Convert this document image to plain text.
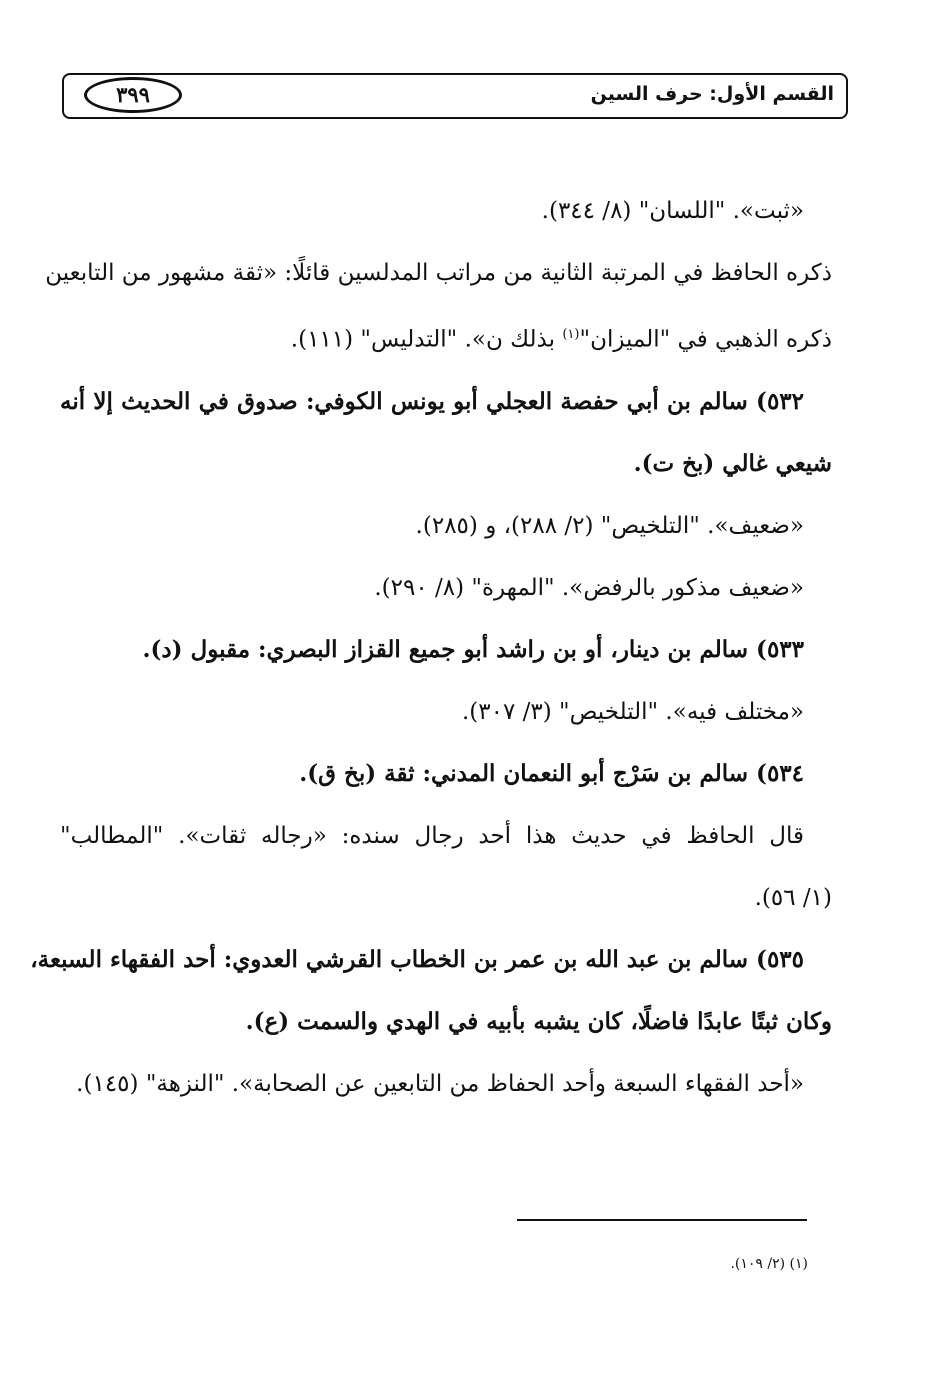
القسم الأول: حرف السين
٣٩٩

«ثبت». "اللسان" (٨/ ٣٤٤).

ذكره الحافظ في المرتبة الثانية من مراتب المدلسين قائلًا: «ثقة مشهور من التابعين

ذكره الذهبي في "الميزان"$^{(١)}$ بذلك ن». "التدليس" (١١١).

٥٣٢) سالم بن أبي حفصة العجلي أبو يونس الكوفي: صدوق في الحديث إلا أنه

شيعي غالي (بخ ت).

«ضعيف». "التلخيص" (٢/ ٢٨٨)، و (٢٨٥).

«ضعيف مذكور بالرفض». "المهرة" (٨/ ٢٩٠).

٥٣٣) سالم بن دينار، أو بن راشد أبو جميع القزاز البصري: مقبول (د).

«مختلف فيه». "التلخيص" (٣/ ٣٠٧).

٥٣٤) سالم بن سَرْج أبو النعمان المدني: ثقة (بخ ق).

قال الحافظ في حديث هذا أحد رجال سنده: «رجاله ثقات». "المطالب"

(١/ ٥٦).

٥٣٥) سالم بن عبد الله بن عمر بن الخطاب القرشي العدوي: أحد الفقهاء السبعة،

وكان ثبتًا عابدًا فاضلًا، كان يشبه بأبيه في الهدي والسمت (ع).

«أحد الفقهاء السبعة وأحد الحفاظ من التابعين عن الصحابة». "النزهة" (١٤٥).

(١) (٢/ ١٠٩).
